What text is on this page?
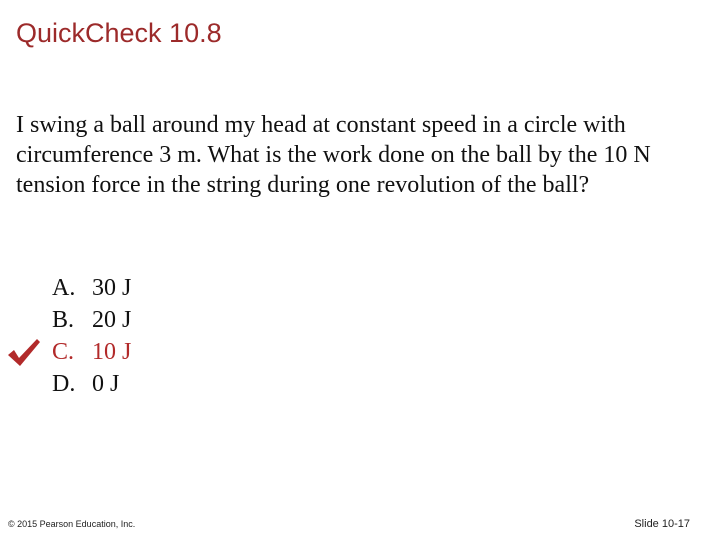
QuickCheck 10.8
I swing a ball around my head at constant speed in a circle with circumference 3 m. What is the work done on the ball by the 10 N tension force in the string during one revolution of the ball?
A. 30 J
B. 20 J
C. 10 J
D. 0 J
© 2015 Pearson Education, Inc.	Slide 10-17
